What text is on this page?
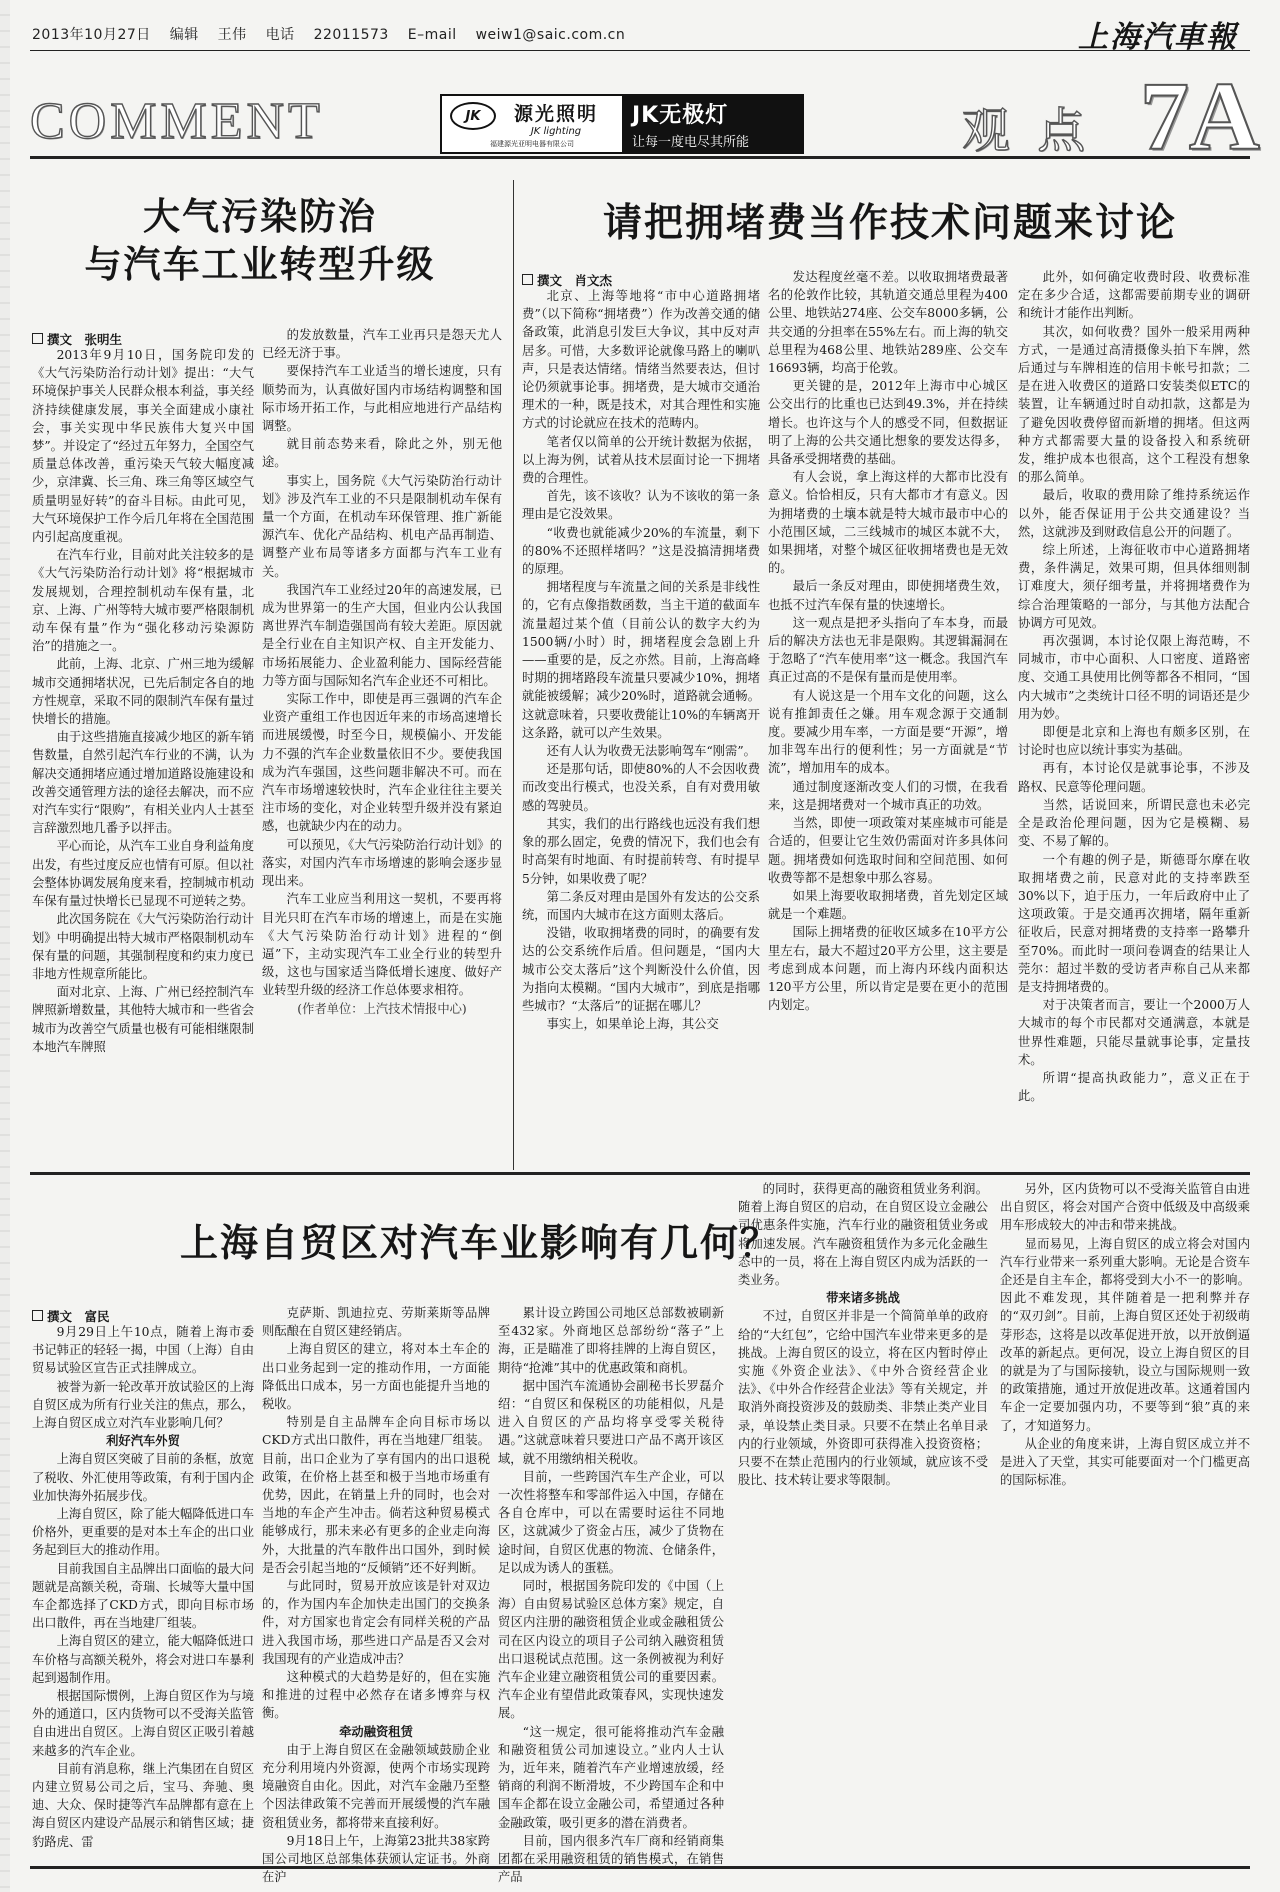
2013年10月27日 编辑 王伟 电话 22011573 E–mail weiw1@saic.com.cn	上海汽車報
COMMENT	JK	源光照明
JK lighting
福建源光亚明电器有限公司
JK无极灯
让每一度电尽其所能	观 点 7A
大气污染防治
与汽车工业转型升级
撰文　张明生

2013年9月10日，国务院印发的《大气污染防治行动计划》提出：“大气环境保护事关人民群众根本利益，事关经济持续健康发展，事关全面建成小康社会，事关实现中华民族伟大复兴中国梦”。并设定了“经过五年努力，全国空气质量总体改善，重污染天气较大幅度减少，京津冀、长三角、珠三角等区域空气质量明显好转”的奋斗目标。由此可见，大气环境保护工作今后几年将在全国范围内引起高度重视。

在汽车行业，目前对此关注较多的是《大气污染防治行动计划》将“根据城市发展规划，合理控制机动车保有量，北京、上海、广州等特大城市要严格限制机动车保有量”作为“强化移动污染源防治”的措施之一。

此前，上海、北京、广州三地为缓解城市交通拥堵状况，已先后制定各自的地方性规章，采取不同的限制汽车保有量过快增长的措施。

由于这些措施直接减少地区的新车销售数量，自然引起汽车行业的不满，认为解决交通拥堵应通过增加道路设施建设和改善交通管理方法的途径去解决，而不应对汽车实行“限购”，有相关业内人士甚至言辞激烈地几番予以抨击。

平心而论，从汽车工业自身利益角度出发，有些过度反应也情有可原。但以社会整体协调发展角度来看，控制城市机动车保有量过快增长已显现不可逆转之势。

此次国务院在《大气污染防治行动计划》中明确提出特大城市严格限制机动车保有量的问题，其强制程度和约束力度已非地方性规章所能比。

面对北京、上海、广州已经控制汽车牌照新增数量，其他特大城市和一些省会城市为改善空气质量也极有可能相继限制本地汽车牌照

的发放数量，汽车工业再只是怨天尤人已经无济于事。

要保持汽车工业适当的增长速度，只有顺势而为，认真做好国内市场结构调整和国际市场开拓工作，与此相应地进行产品结构调整。

就目前态势来看，除此之外，别无他途。

事实上，国务院《大气污染防治行动计划》涉及汽车工业的不只是限制机动车保有量一个方面，在机动车环保管理、推广新能源汽车、优化产品结构、机电产品再制造、调整产业布局等诸多方面都与汽车工业有关。

我国汽车工业经过20年的高速发展，已成为世界第一的生产大国，但业内公认我国离世界汽车制造强国尚有较大差距。原因就是全行业在自主知识产权、自主开发能力、市场拓展能力、企业盈利能力、国际经营能力等方面与国际知名汽车企业还不可相比。

实际工作中，即使是再三强调的汽车企业资产重组工作也因近年来的市场高速增长而进展缓慢，时至今日，规模偏小、开发能力不强的汽车企业数量依旧不少。要使我国成为汽车强国，这些问题非解决不可。而在汽车市场增速较快时，汽车企业往往主要关注市场的变化，对企业转型升级并没有紧迫感，也就缺少内在的动力。

可以预见，《大气污染防治行动计划》的落实，对国内汽车市场增速的影响会逐步显现出来。

汽车工业应当利用这一契机，不要再将目光只盯在汽车市场的增速上，而是在实施《大气污染防治行动计划》进程的“倒逼”下，主动实现汽车工业全行业的转型升级，这也与国家适当降低增长速度、做好产业转型升级的经济工作总体要求相符。

(作者单位：上汽技术情报中心)

请把拥堵费当作技术问题来讨论
撰文　肖文杰

北京、上海等地将“市中心道路拥堵费”（以下简称“拥堵费”）作为改善交通的储备政策，此消息引发巨大争议，其中反对声居多。可惜，大多数评论就像马路上的喇叭声，只是表达情绪。情绪当然要表达，但讨论仍须就事论事。拥堵费，是大城市交通治理术的一种，既是技术，对其合理性和实施方式的讨论就应在技术的范畴内。

笔者仅以简单的公开统计数据为依据，以上海为例，试着从技术层面讨论一下拥堵费的合理性。

首先，该不该收？认为不该收的第一条理由是它没效果。

“收费也就能减少20%的车流量，剩下的80%不还照样堵吗？”这是没搞清拥堵费的原理。

拥堵程度与车流量之间的关系是非线性的，它有点像指数函数，当主干道的截面车流量超过某个值（目前公认的数字大约为1500辆/小时）时，拥堵程度会急剧上升——重要的是，反之亦然。目前，上海高峰时期的拥堵路段车流量只要减少10%，拥堵就能被缓解；减少20%时，道路就会通畅。这就意味着，只要收费能让10%的车辆离开这条路，就可以产生效果。

还有人认为收费无法影响驾车“刚需”。

还是那句话，即使80%的人不会因收费而改变出行模式，也没关系，自有对费用敏感的驾驶员。

其实，我们的出行路线也远没有我们想象的那么固定，免费的情况下，我们也会有时高架有时地面、有时提前转弯、有时提早5分钟，如果收费了呢？

第二条反对理由是国外有发达的公交系统，而国内大城市在这方面则太落后。

没错，收取拥堵费的同时，的确要有发达的公交系统作后盾。但问题是，“国内大城市公交太落后”这个判断没什么价值，因为指向太模糊。“国内大城市”，到底是指哪些城市？“太落后”的证据在哪儿？

事实上，如果单论上海，其公交

发达程度丝毫不差。以收取拥堵费最著名的伦敦作比较，其轨道交通总里程为400公里、地铁站274座、公交车8000多辆，公共交通的分担率在55%左右。而上海的轨交总里程为468公里、地铁站289座、公交车16693辆，均高于伦敦。

更关键的是，2012年上海市中心城区公交出行的比重也已达到49.3%，并在持续增长。也许这与个人的感受不同，但数据证明了上海的公共交通比想象的要发达得多，具备承受拥堵费的基础。

有人会说，拿上海这样的大都市比没有意义。恰恰相反，只有大都市才有意义。因为拥堵费的土壤本就是特大城市最市中心的小范围区域，二三线城市的城区本就不大，如果拥堵，对整个城区征收拥堵费也是无效的。

最后一条反对理由，即使拥堵费生效，也抵不过汽车保有量的快速增长。

这一观点是把矛头指向了车本身，而最后的解决方法也无非是限购。其逻辑漏洞在于忽略了“汽车使用率”这一概念。我国汽车真正过高的不是保有量而是使用率。

有人说这是一个用车文化的问题，这么说有推卸责任之嫌。用车观念源于交通制度。要减少用车率，一方面是要“开源”，增加非驾车出行的便利性；另一方面就是“节流”，增加用车的成本。

通过制度逐渐改变人们的习惯，在我看来，这是拥堵费对一个城市真正的功效。

当然，即使一项政策对某座城市可能是合适的，但要让它生效仍需面对许多具体问题。拥堵费如何选取时间和空间范围、如何收费等都不是想象中那么容易。

如果上海要收取拥堵费，首先划定区域就是一个难题。

国际上拥堵费的征收区域多在10平方公里左右，最大不超过20平方公里，这主要是考虑到成本问题，而上海内环线内面积达120平方公里，所以肯定是要在更小的范围内划定。

此外，如何确定收费时段、收费标准定在多少合适，这都需要前期专业的调研和统计才能作出判断。

其次，如何收费？国外一般采用两种方式，一是通过高清摄像头拍下车牌，然后通过与车牌相连的信用卡帐号扣款；二是在进入收费区的道路口安装类似ETC的装置，让车辆通过时自动扣款，这都是为了避免因收费停留而新增的拥堵。但这两种方式都需要大量的设备投入和系统研发，维护成本也很高，这个工程没有想象的那么简单。

最后，收取的费用除了维持系统运作以外，能否保证用于公共交通建设？当然，这就涉及到财政信息公开的问题了。

综上所述，上海征收市中心道路拥堵费，条件满足，效果可期，但具体细则制订难度大，须仔细考量，并将拥堵费作为综合治理策略的一部分，与其他方法配合协调方可见效。

再次强调，本讨论仅限上海范畴，不同城市，市中心面积、人口密度、道路密度、交通工具使用比例等都各不相同，“国内大城市”之类统计口径不明的词语还是少用为妙。

即便是北京和上海也有颇多区别，在讨论时也应以统计事实为基础。

再有，本讨论仅是就事论事，不涉及路权、民意等伦理问题。

当然，话说回来，所谓民意也未必完全是政治伦理问题，因为它是模糊、易变、不易了解的。

一个有趣的例子是，斯德哥尔摩在收取拥堵费之前，民意对此的支持率跌至30%以下，迫于压力，一年后政府中止了这项政策。于是交通再次拥堵，隔年重新征收后，民意对拥堵费的支持率一路攀升至70%。而此时一项问卷调查的结果让人莞尔：超过半数的受访者声称自己从来都是支持拥堵费的。

对于决策者而言，要让一个2000万人大城市的每个市民都对交通满意，本就是世界性难题，只能尽量就事论事，定量技术。

所谓“提高执政能力”，意义正在于此。

上海自贸区对汽车业影响有几何？
撰文　富民

9月29日上午10点，随着上海市委书记韩正的轻轻一揭，中国（上海）自由贸易试验区宣告正式挂牌成立。

被誉为新一轮改革开放试验区的上海自贸区成为所有行业关注的焦点，那么，上海自贸区成立对汽车业影响几何？

利好汽车外贸

上海自贸区突破了目前的条框，放宽了税收、外汇使用等政策，有利于国内企业加快海外拓展步伐。

上海自贸区，除了能大幅降低进口车价格外，更重要的是对本土车企的出口业务起到巨大的推动作用。

目前我国自主品牌出口面临的最大问题就是高额关税，奇瑞、长城等大量中国车企都选择了CKD方式，即向目标市场出口散件，再在当地建厂组装。

上海自贸区的建立，能大幅降低进口车价格与高额关税外，将会对进口车暴利起到遏制作用。

根据国际惯例，上海自贸区作为与境外的通道口，区内货物可以不受海关监管自由进出自贸区。上海自贸区正吸引着越来越多的汽车企业。

目前有消息称，继上汽集团在自贸区内建立贸易公司之后，宝马、奔驰、奥迪、大众、保时捷等汽车品牌都有意在上海自贸区内建设产品展示和销售区域；捷豹路虎、雷

克萨斯、凯迪拉克、劳斯莱斯等品牌则酝酿在自贸区建经销店。

上海自贸区的建立，将对本土车企的出口业务起到一定的推动作用，一方面能降低出口成本，另一方面也能提升当地的税收。

特别是自主品牌车企向目标市场以CKD方式出口散件，再在当地建厂组装。目前，出口企业为了享有国内的出口退税政策，在价格上甚至和极于当地市场重有优势，因此，在销量上升的同时，也会对当地的车企产生冲击。倘若这种贸易模式能够成行，那未来必有更多的企业走向海外，大批量的汽车散件出口国外，到时候是否会引起当地的“反倾销”还不好判断。

与此同时，贸易开放应该是针对双边的，作为国内车企加快走出国门的交换条件，对方国家也肯定会有同样关税的产品进入我国市场，那些进口产品是否又会对我国现有的产业造成冲击？

这种模式的大趋势是好的，但在实施和推进的过程中必然存在诸多博弈与权衡。

牵动融资租赁

由于上海自贸区在金融领域鼓励企业充分利用境内外资源，使两个市场实现跨境融资自由化。因此，对汽车金融乃至整个因法律政策不完善而开展缓慢的汽车融资租赁业务，都将带来直接利好。

9月18日上午，上海第23批共38家跨国公司地区总部集体获颁认定证书。外商在沪

累计设立跨国公司地区总部数被刷新至432家。外商地区总部纷纷“落子”上海，正是瞄准了即将挂牌的上海自贸区，期待“抢滩”其中的优惠政策和商机。

据中国汽车流通协会副秘书长罗磊介绍：“自贸区和保税区的功能相似，凡是进入自贸区的产品均将享受零关税待遇。”这就意味着只要进口产品不离开该区域，就不用缴纳相关税收。

目前，一些跨国汽车生产企业，可以一次性将整车和零部件运入中国，存储在各自仓库中，可以在需要时运往不同地区，这就减少了资金占压，减少了货物在途时间，自贸区优惠的物流、仓储条件，足以成为诱人的蛋糕。

同时，根据国务院印发的《中国（上海）自由贸易试验区总体方案》规定，自贸区内注册的融资租赁企业或金融租赁公司在区内设立的项目子公司纳入融资租赁出口退税试点范围。这一条例被视为利好汽车企业建立融资租赁公司的重要因素。汽车企业有望借此政策春风，实现快速发展。

“这一规定，很可能将推动汽车金融和融资租赁公司加速设立。”业内人士认为，近年来，随着汽车产业增速放缓，经销商的利润不断滑坡，不少跨国车企和中国车企都在设立金融公司，希望通过各种金融政策，吸引更多的潜在消费者。

目前，国内很多汽车厂商和经销商集团都在采用融资租赁的销售模式，在销售产品

的同时，获得更高的融资租赁业务利润。随着上海自贸区的启动，在自贸区设立金融公司优惠条件实施，汽车行业的融资租赁业务或将加速发展。汽车融资租赁作为多元化金融生态中的一员，将在上海自贸区内成为活跃的一类业务。

带来诸多挑战

不过，自贸区并非是一个简简单单的政府给的“大红包”，它给中国汽车业带来更多的是挑战。上海自贸区的设立，将在区内暂时停止实施《外资企业法》、《中外合资经营企业法》、《中外合作经营企业法》等有关规定，并取消外商投资涉及的鼓励类、非禁止类产业目录，单设禁止类目录。只要不在禁止名单目录内的行业领域，外资即可获得准入投资资格；只要不在禁止范围内的行业领域，就应该不受股比、技术转让要求等限制。

另外，区内货物可以不受海关监管自由进出自贸区，将会对国产合资中低级及中高级乘用车形成较大的冲击和带来挑战。

显而易见，上海自贸区的成立将会对国内汽车行业带来一系列重大影响。无论是合资车企还是自主车企，都将受到大小不一的影响。因此不难发现，其伴随着是一把利弊并存的“双刃剑”。目前，上海自贸区还处于初级萌芽形态，这将是以改革促进开放，以开放倒逼改革的新起点。更何况，设立上海自贸区的目的就是为了与国际接轨，设立与国际规则一致的政策措施，通过开放促进改革。这通着国内车企一定要加强内功，不要等到“狼”真的来了，才知道努力。

从企业的角度来讲，上海自贸区成立并不是进入了天堂，其实可能要面对一个门槛更高的国际标准。
